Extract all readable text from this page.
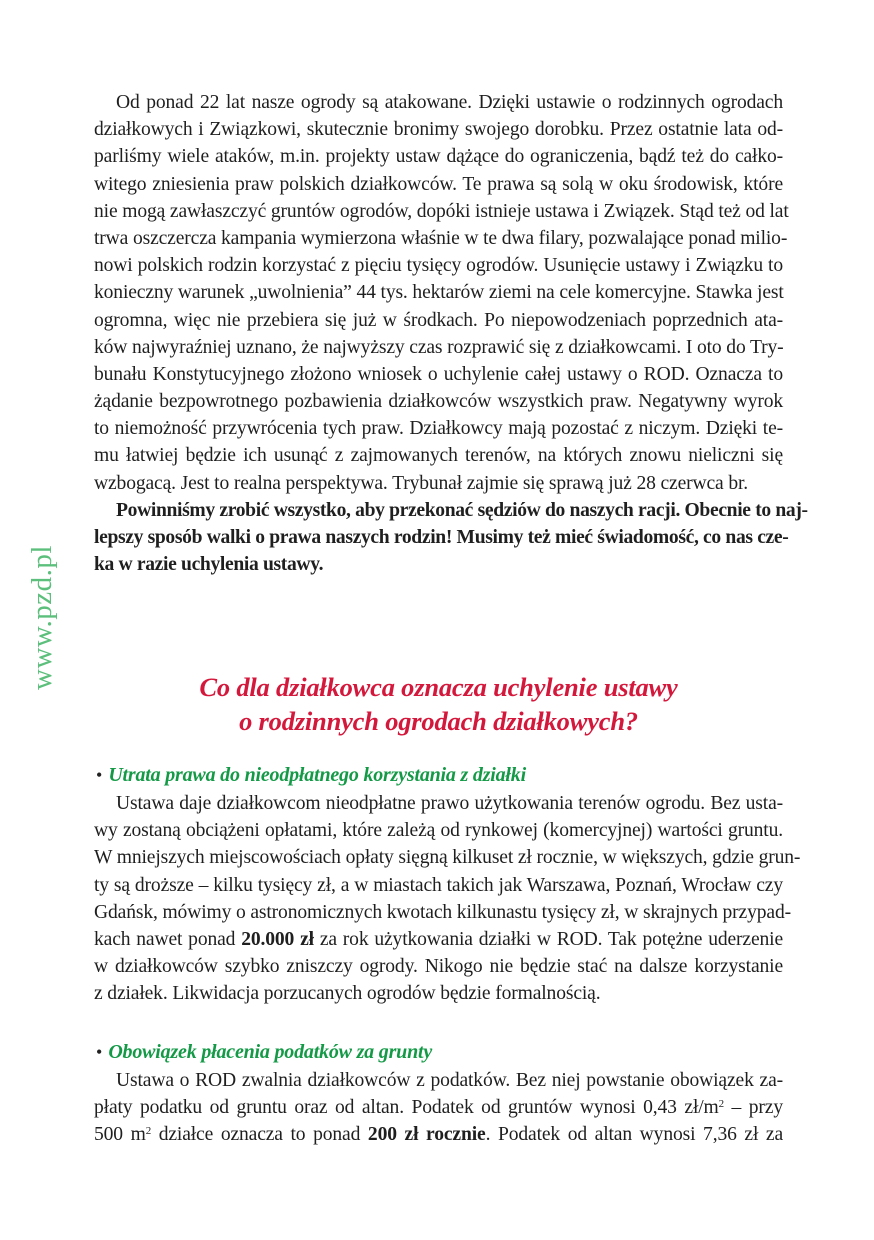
www.pzd.pl
Od ponad 22 lat nasze ogrody są atakowane. Dzięki ustawie o rodzinnych ogrodach
działkowych i Związkowi, skutecznie bronimy swojego dorobku. Przez ostatnie lata od-
parliśmy wiele ataków, m.in. projekty ustaw dążące do ograniczenia, bądź też do całko-
witego zniesienia praw polskich działkowców. Te prawa są solą w oku środowisk, które
nie mogą zawłaszczyć gruntów ogrodów, dopóki istnieje ustawa i Związek. Stąd też od lat
trwa oszczercza kampania wymierzona właśnie w te dwa filary, pozwalające ponad milio-
nowi polskich rodzin korzystać z pięciu tysięcy ogrodów. Usunięcie ustawy i Związku to
konieczny warunek „uwolnienia” 44 tys. hektarów ziemi na cele komercyjne. Stawka jest
ogromna, więc nie przebiera się już w środkach. Po niepowodzeniach poprzednich ata-
ków najwyraźniej uznano, że najwyższy czas rozprawić się z działkowcami. I oto do Try-
bunału Konstytucyjnego złożono wniosek o uchylenie całej ustawy o ROD. Oznacza to
żądanie bezpowrotnego pozbawienia działkowców wszystkich praw. Negatywny wyrok
to niemożność przywrócenia tych praw. Działkowcy mają pozostać z niczym. Dzięki te-
mu łatwiej będzie ich usunąć z zajmowanych terenów, na których znowu nieliczni się
wzbogacą. Jest to realna perspektywa. Trybunał zajmie się sprawą już 28 czerwca br.
Powinniśmy zrobić wszystko, aby przekonać sędziów do naszych racji. Obecnie to naj-
lepszy sposób walki o prawa naszych rodzin! Musimy też mieć świadomość, co nas cze-
ka w razie uchylenia ustawy.
Co dla działkowca oznacza uchylenie ustawy
o rodzinnych ogrodach działkowych?
• Utrata prawa do nieodpłatnego korzystania z działki
Ustawa daje działkowcom nieodpłatne prawo użytkowania terenów ogrodu. Bez usta-
wy zostaną obciążeni opłatami, które zależą od rynkowej (komercyjnej) wartości gruntu.
W mniejszych miejscowościach opłaty sięgną kilkuset zł rocznie, w większych, gdzie grun-
ty są droższe – kilku tysięcy zł, a w miastach takich jak Warszawa, Poznań, Wrocław czy
Gdańsk, mówimy o astronomicznych kwotach kilkunastu tysięcy zł, w skrajnych przypad-
kach nawet ponad 20.000 zł za rok użytkowania działki w ROD. Tak potężne uderzenie
w działkowców szybko zniszczy ogrody. Nikogo nie będzie stać na dalsze korzystanie
z działek. Likwidacja porzucanych ogrodów będzie formalnością.
• Obowiązek płacenia podatków za grunty
Ustawa o ROD zwalnia działkowców z podatków. Bez niej powstanie obowiązek za-
płaty podatku od gruntu oraz od altan. Podatek od gruntów wynosi 0,43 $zł/m^2$ – przy
500 $m^2$ działce oznacza to ponad 200 zł rocznie. Podatek od altan wynosi 7,36 zł za
